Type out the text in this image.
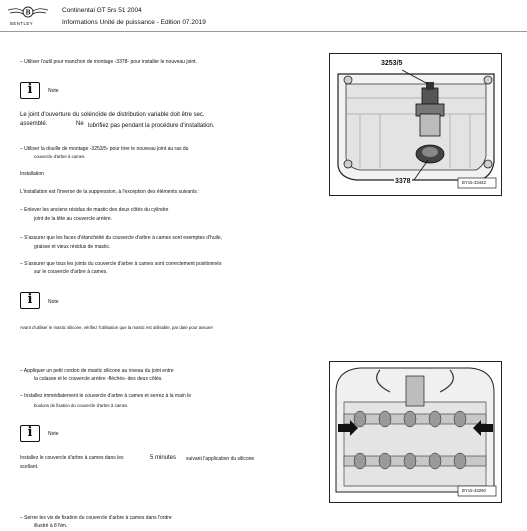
B
BENTLEY
Continental GT 5rs 51 2004
Informations Unité de puissance - Edition 07.2019
– Utiliser l'outil pour manchon de montage -3378- pour installer le nouveau joint.
i	Note
Le joint d'ouverture du solénoïde de distribution variable doit être sec.
assemblé.	Ne lubrifiez pas pendant la procédure d'installation.
– Utiliser la douille de montage -3253/5- pour tirer le nouveau joint au ras du
couvercle d'arbre à cames.
Installation
L'installation est l'inverse de la suppression, à l'exception des éléments suivants :
– Enlever les anciens résidus de mastic des deux côtés du cylindre
joint de la tête au couvercle arrière.
– S'assurer que les faces d'étanchéité du couvercle d'arbre à cames sont exemptes d'huile,
graisse et vieux résidus de mastic.
– S'assurer que tous les joints du couvercle d'arbre à cames sont correctement positionnés
sur le couvercle d'arbre à cames.
i	Note
Avant d'utiliser le mastic silicone, vérifiez l'utilisation que la mastic est utilisable, par date pour assurer
– Appliquer un petit cordon de mastic silicone au niveau du joint entre
la culasse et le couvercle arrière -fléchés- des deux côtés.
– Installez immédiatement le couvercle d'arbre à cames et serrez à la main le
boulons de fixation du couvercle d'arbre à cames.
i	Note
Installez le couvercle d'arbre à cames dans les	5 minutes suivant l'application du silicone
scellant.
– Serrer les vis de fixation du couvercle d'arbre à cames dans l'ordre
illustré à 8 Nm.
3253/5
3378	BY15-33442
BY15-33260
